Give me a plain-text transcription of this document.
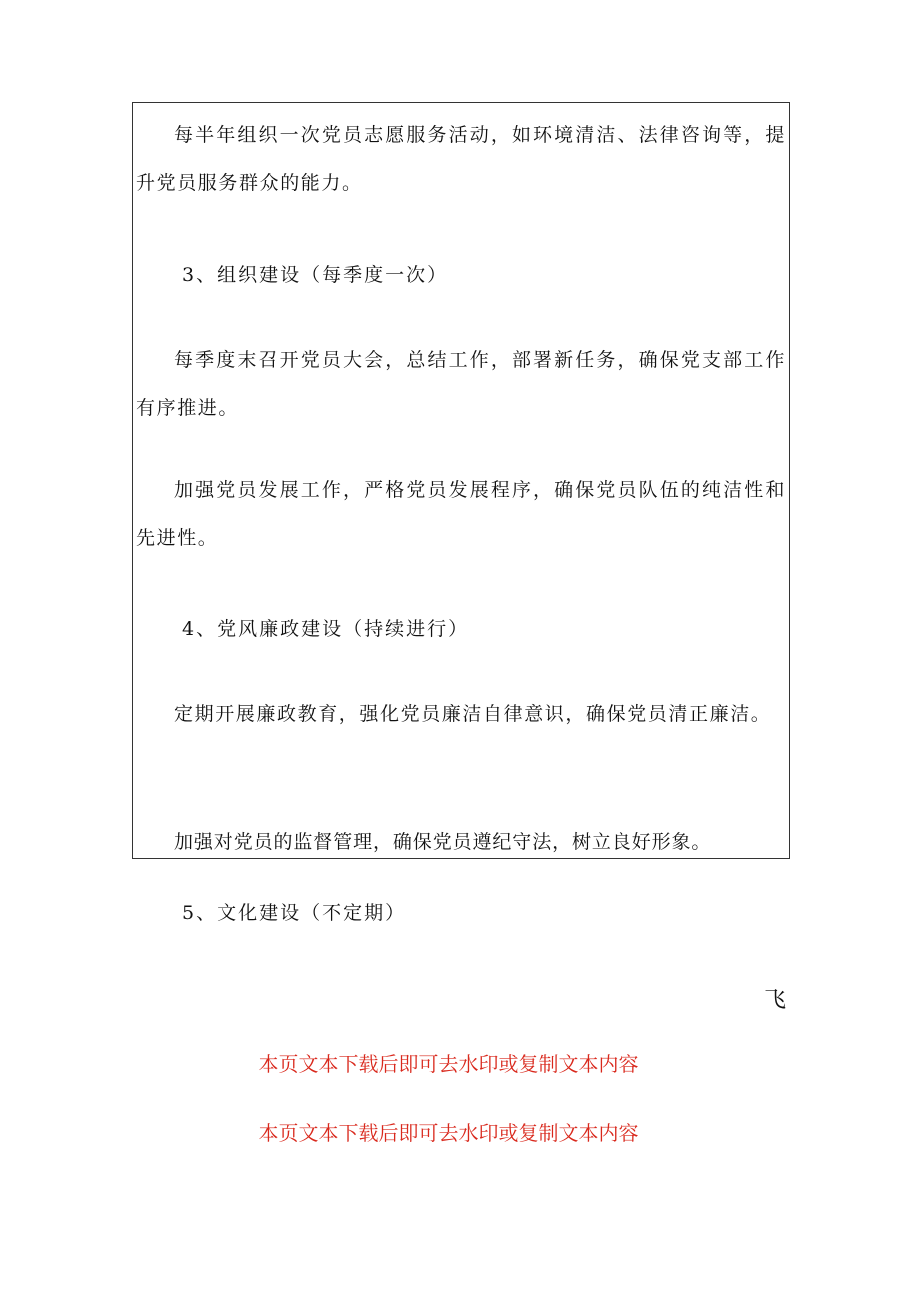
每半年组织一次党员志愿服务活动，如环境清洁、法律咨询等，提升党员服务群众的能力。

3、组织建设（每季度一次）

每季度末召开党员大会，总结工作，部署新任务，确保党支部工作有序推进。

加强党员发展工作，严格党员发展程序，确保党员队伍的纯洁性和先进性。

4、党风廉政建设（持续进行）

定期开展廉政教育，强化党员廉洁自律意识，确保党员清正廉洁。

加强对党员的监督管理，确保党员遵纪守法，树立良好形象。

5、文化建设（不定期）

飞
本页文本下载后即可去水印或复制文本内容
本页文本下载后即可去水印或复制文本内容
